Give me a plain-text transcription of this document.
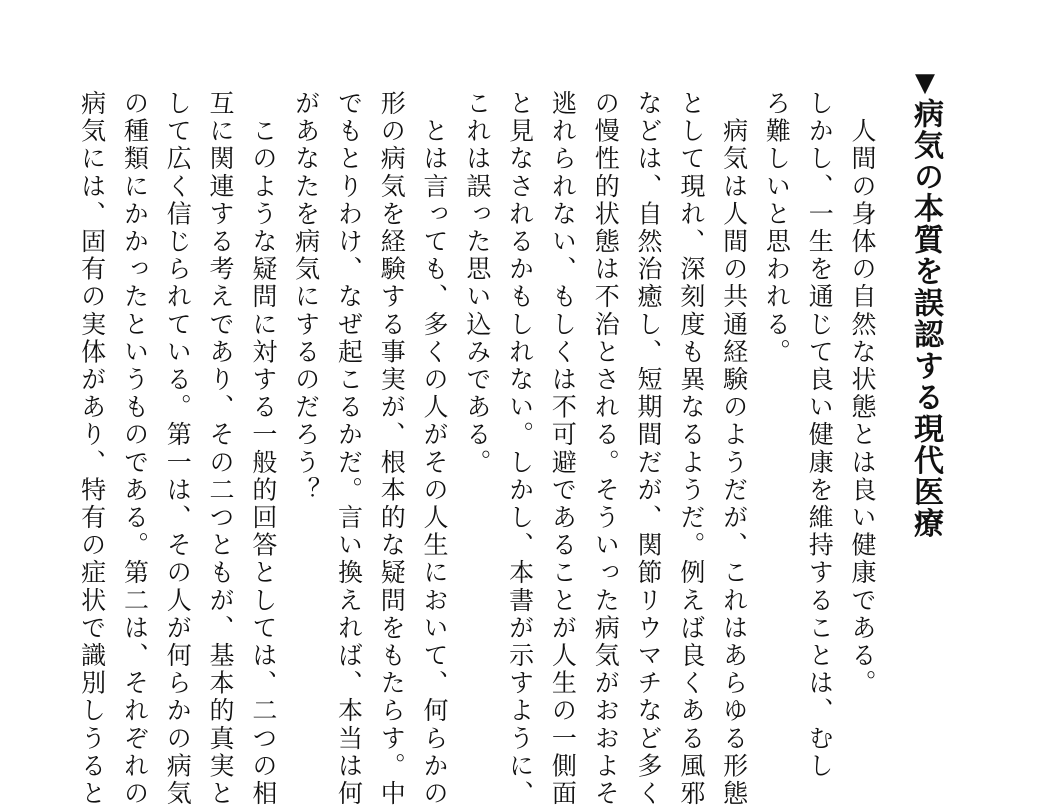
▼病気の本質を誤認する現代医療
　人間の身体の自然な状態とは良い健康である。
しかし、一生を通じて良い健康を維持することは、むし
ろ難しいと思われる。
　病気は人間の共通経験のようだが、これはあらゆる形態
として現れ、深刻度も異なるようだ。例えば良くある風邪
などは、自然治癒し、短期間だが、関節リウマチなど多く
の慢性的状態は不治とされる。そういった病気がおおよそ
逃れられない、もしくは不可避であることが人生の一側面
と見なされるかもしれない。しかし、本書が示すように、
これは誤った思い込みである。
　とは言っても、多くの人がその人生において、何らかの
形の病気を経験する事実が、根本的な疑問をもたらす。中
でもとりわけ、なぜ起こるかだ。言い換えれば、本当は何
があなたを病気にするのだろう？
　このような疑問に対する一般的回答としては、二つの相
互に関連する考えであり、その二つともが、基本的真実と
して広く信じられている。第一は、その人が何らかの病気
の種類にかかったというものである。第二は、それぞれの
病気には、固有の実体があり、特有の症状で識別しうると
